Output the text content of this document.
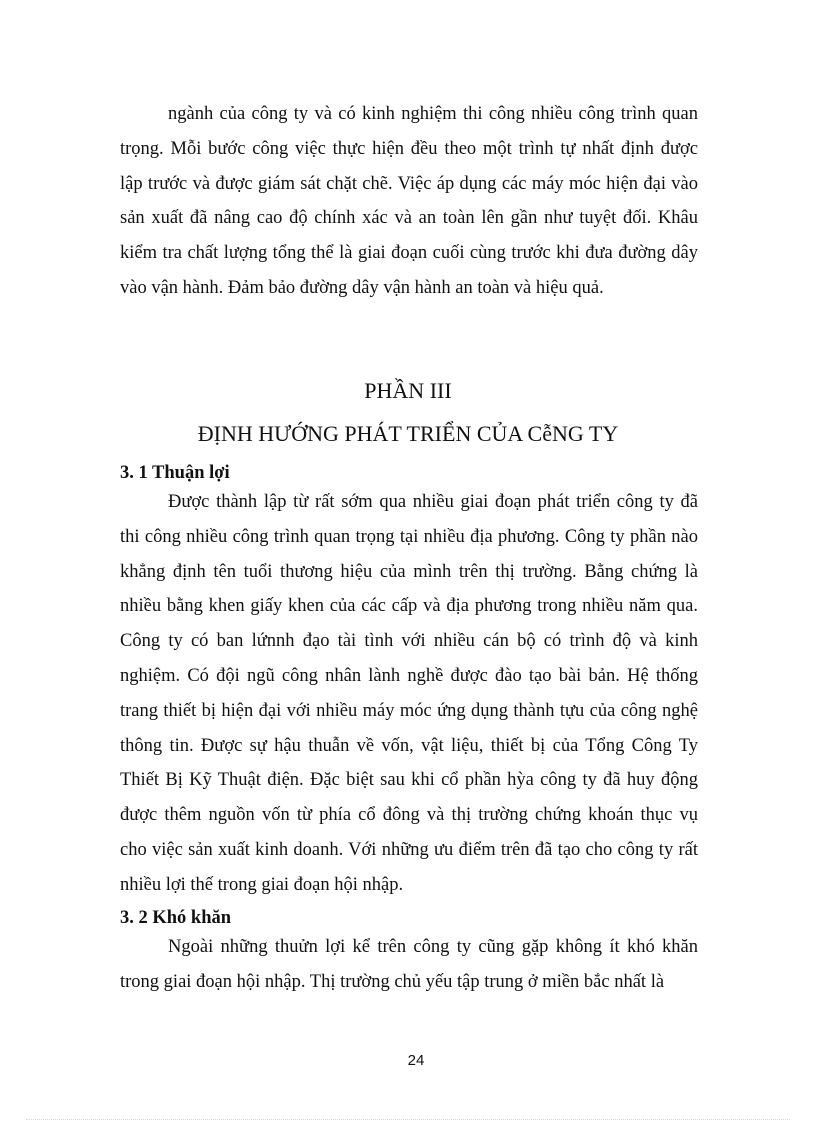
ngành của công ty và có kinh nghiệm thi công nhiều công trình quan
trọng. Mỗi bước công việc thực hiện đều theo một trình tự nhất định được
lập trước và được giám sát chặt chẽ. Việc áp dụng các máy móc hiện đại vào
sản xuất đã nâng cao độ chính xác và an toàn lên gần như tuyệt đối. Khâu
kiểm tra chất lượng tổng thể là giai đoạn cuối cùng trước khi đưa đường dây
vào vận hành. Đảm bảo đường dây vận hành an toàn và hiệu quả.
PHẦN III
ĐỊNH HƯỚNG PHÁT TRIỂN CỦA CễNG TY
3. 1 Thuận lợi
Được thành lập từ rất sớm qua nhiều giai đoạn phát triển công ty đã
thi công nhiều công trình quan trọng tại nhiều địa phương. Công ty phần nào
khẳng định tên tuổi thương hiệu của mình trên thị trường. Bằng chứng là
nhiều bằng khen giấy khen của các cấp và địa phương trong nhiều năm qua.
Công ty có ban lứnnh đạo tài tình với nhiều cán bộ có trình độ và kinh
nghiệm. Có đội ngũ công nhân lành nghề được đào tạo bài bản. Hệ thống
trang thiết bị hiện đại với nhiều máy móc ứng dụng thành tựu của công nghệ
thông tin. Được sự hậu thuẫn về vốn, vật liệu, thiết bị của Tổng Công Ty
Thiết Bị Kỹ Thuật điện. Đặc biệt sau khi cổ phần hỳa công ty đã huy động
được thêm nguồn vốn từ phía cổ đông và thị trường chứng khoán thục vụ
cho việc sản xuất kinh doanh. Với những ưu điểm trên đã tạo cho công ty rất
nhiều lợi thế trong giai đoạn hội nhập.
3. 2 Khó khăn
Ngoài những thuửn lợi kể trên công ty cũng gặp không ít khó khăn
trong giai đoạn hội nhập. Thị trường chủ yếu tập trung ở miền bắc nhất là
24
